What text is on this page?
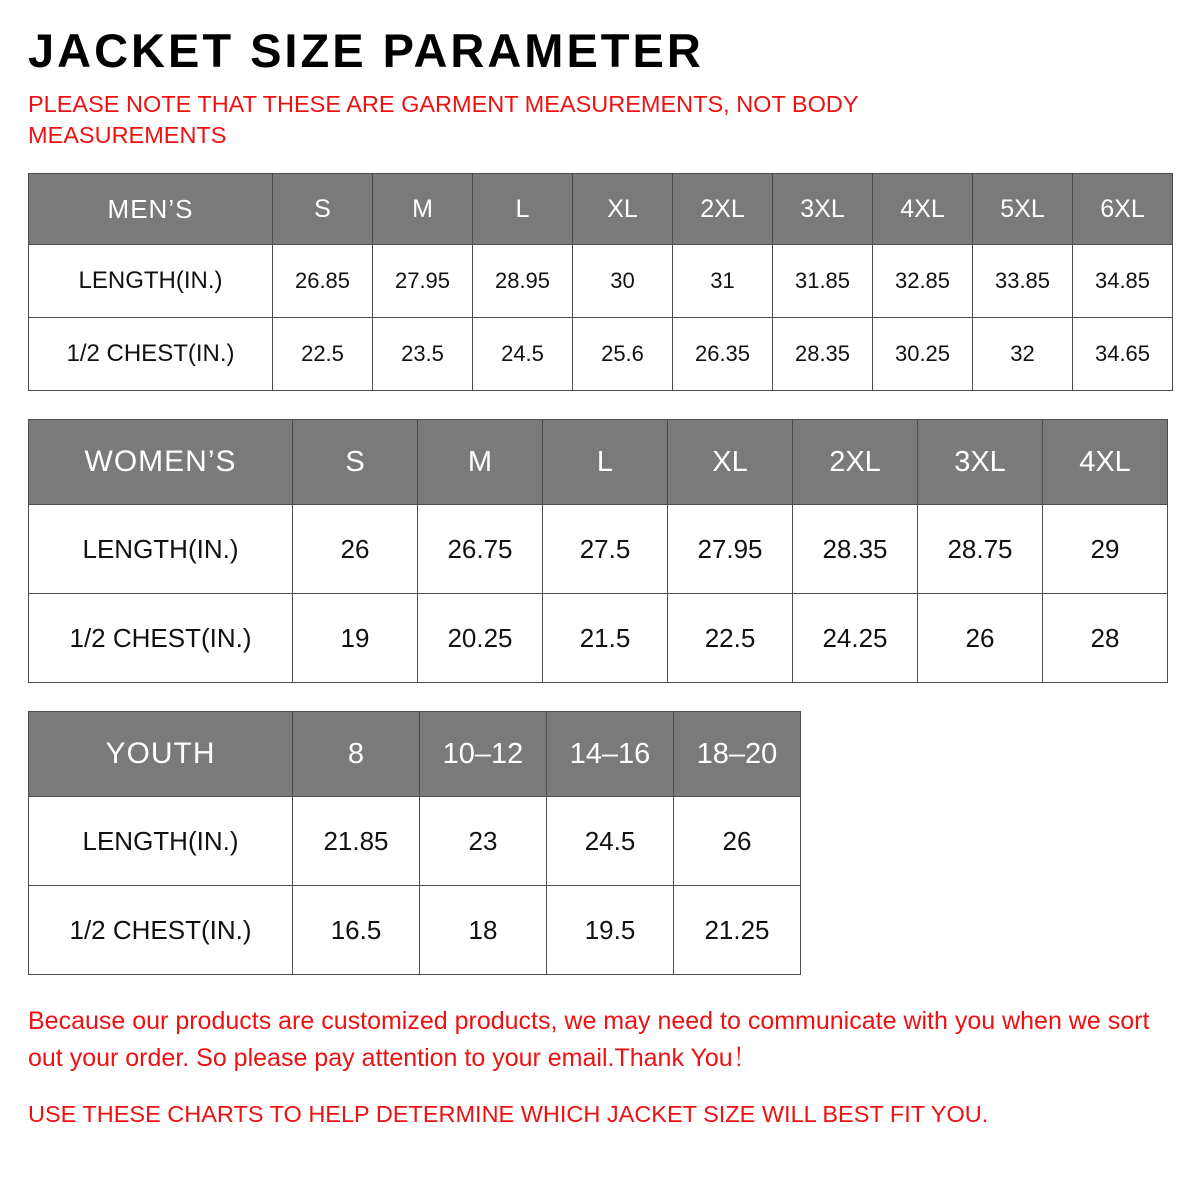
JACKET SIZE PARAMETER

PLEASE NOTE THAT THESE ARE GARMENT MEASUREMENTS, NOT BODY MEASUREMENTS

MEN’S	S	M	L	XL	2XL	3XL	4XL	5XL	6XL
LENGTH(IN.)	26.85	27.95	28.95	30	31	31.85	32.85	33.85	34.85
1/2 CHEST(IN.)	22.5	23.5	24.5	25.6	26.35	28.35	30.25	32	34.65
WOMEN’S	S	M	L	XL	2XL	3XL	4XL
LENGTH(IN.)	26	26.75	27.5	27.95	28.35	28.75	29
1/2 CHEST(IN.)	19	20.25	21.5	22.5	24.25	26	28
YOUTH	8	10–12	14–16	18–20
LENGTH(IN.)	21.85	23	24.5	26
1/2 CHEST(IN.)	16.5	18	19.5	21.25

Because our products are customized products, we may need to communicate with you when we sort out your order. So please pay attention to your email.Thank You！

USE THESE CHARTS TO HELP DETERMINE WHICH JACKET SIZE WILL BEST FIT YOU.
